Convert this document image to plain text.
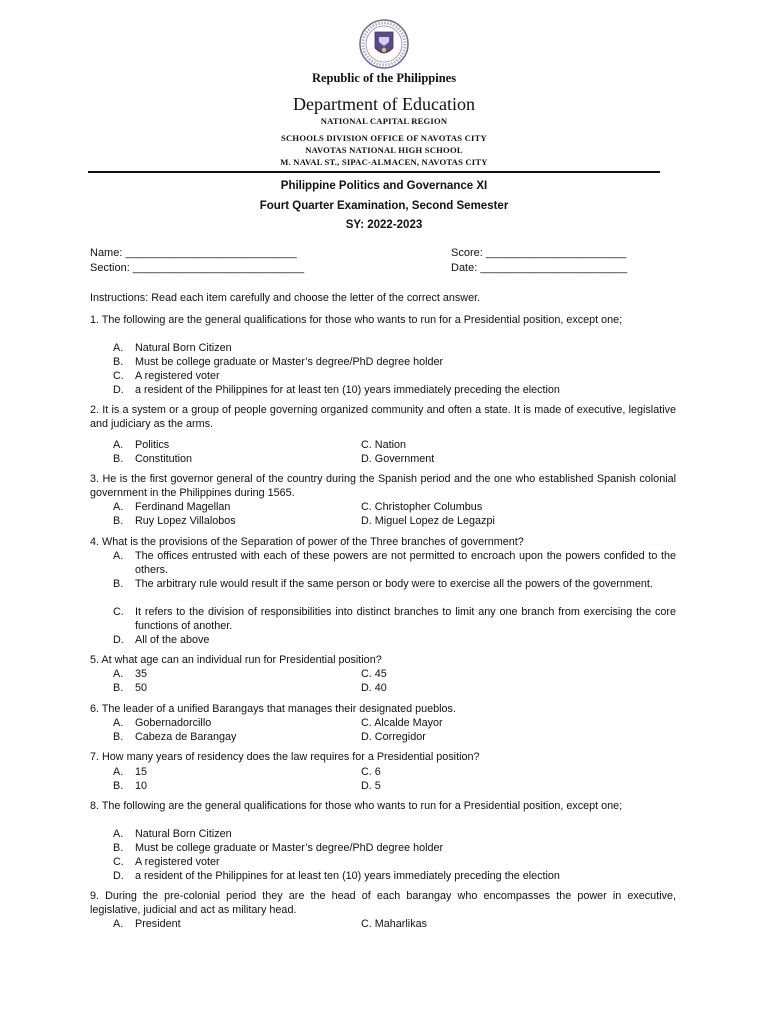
Republic of the Philippines
Department of Education
NATIONAL CAPITAL REGION
SCHOOLS DIVISION OFFICE OF NAVOTAS CITY
NAVOTAS NATIONAL HIGH SCHOOL
M. NAVAL ST., SIPAC-ALMACEN, NAVOTAS CITY
Philippine Politics and Governance XI
Fourt Quarter Examination, Second Semester
SY: 2022-2023
Name: ____________________________
Section: ____________________________
Score: _______________________
Date: ________________________
Instructions: Read each item carefully and choose the letter of the correct answer.
1. The following are the general qualifications for those who wants to run for a Presidential position, except one;
A. Natural Born Citizen
B. Must be college graduate or Master’s degree/PhD degree holder
C. A registered voter
D. a resident of the Philippines for at least ten (10) years immediately preceding the election
2. It is a system or a group of people governing organized community and often a state. It is made of executive, legislative and judiciary as the arms.
A. Politics
B. Constitution
C. Nation
D. Government
3. He is the first governor general of the country during the Spanish period and the one who established Spanish colonial government in the Philippines during 1565.
A. Ferdinand Magellan
B. Ruy Lopez Villalobos
C. Christopher Columbus
D. Miguel Lopez de Legazpi
4. What is the provisions of the Separation of power of the Three branches of government?
A. The offices entrusted with each of these powers are not permitted to encroach upon the powers confided to the others.
B. The arbitrary rule would result if the same person or body were to exercise all the powers of the government.
C. It refers to the division of responsibilities into distinct branches to limit any one branch from exercising the core functions of another.
D. All of the above
5. At what age can an individual run for Presidential position?
A. 35
B. 50
C. 45
D. 40
6. The leader of a unified Barangays that manages their designated pueblos.
A. Gobernadorcillo
B. Cabeza de Barangay
C. Alcalde Mayor
D. Corregidor
7. How many years of residency does the law requires for a Presidential position?
A. 15
B. 10
C. 6
D. 5
8. The following are the general qualifications for those who wants to run for a Presidential position, except one;
A. Natural Born Citizen
B. Must be college graduate or Master’s degree/PhD degree holder
C. A registered voter
D. a resident of the Philippines for at least ten (10) years immediately preceding the election
9. During the pre-colonial period they are the head of each barangay who encompasses the power in executive, legislative, judicial and act as military head.
A. President	C. Maharlikas
